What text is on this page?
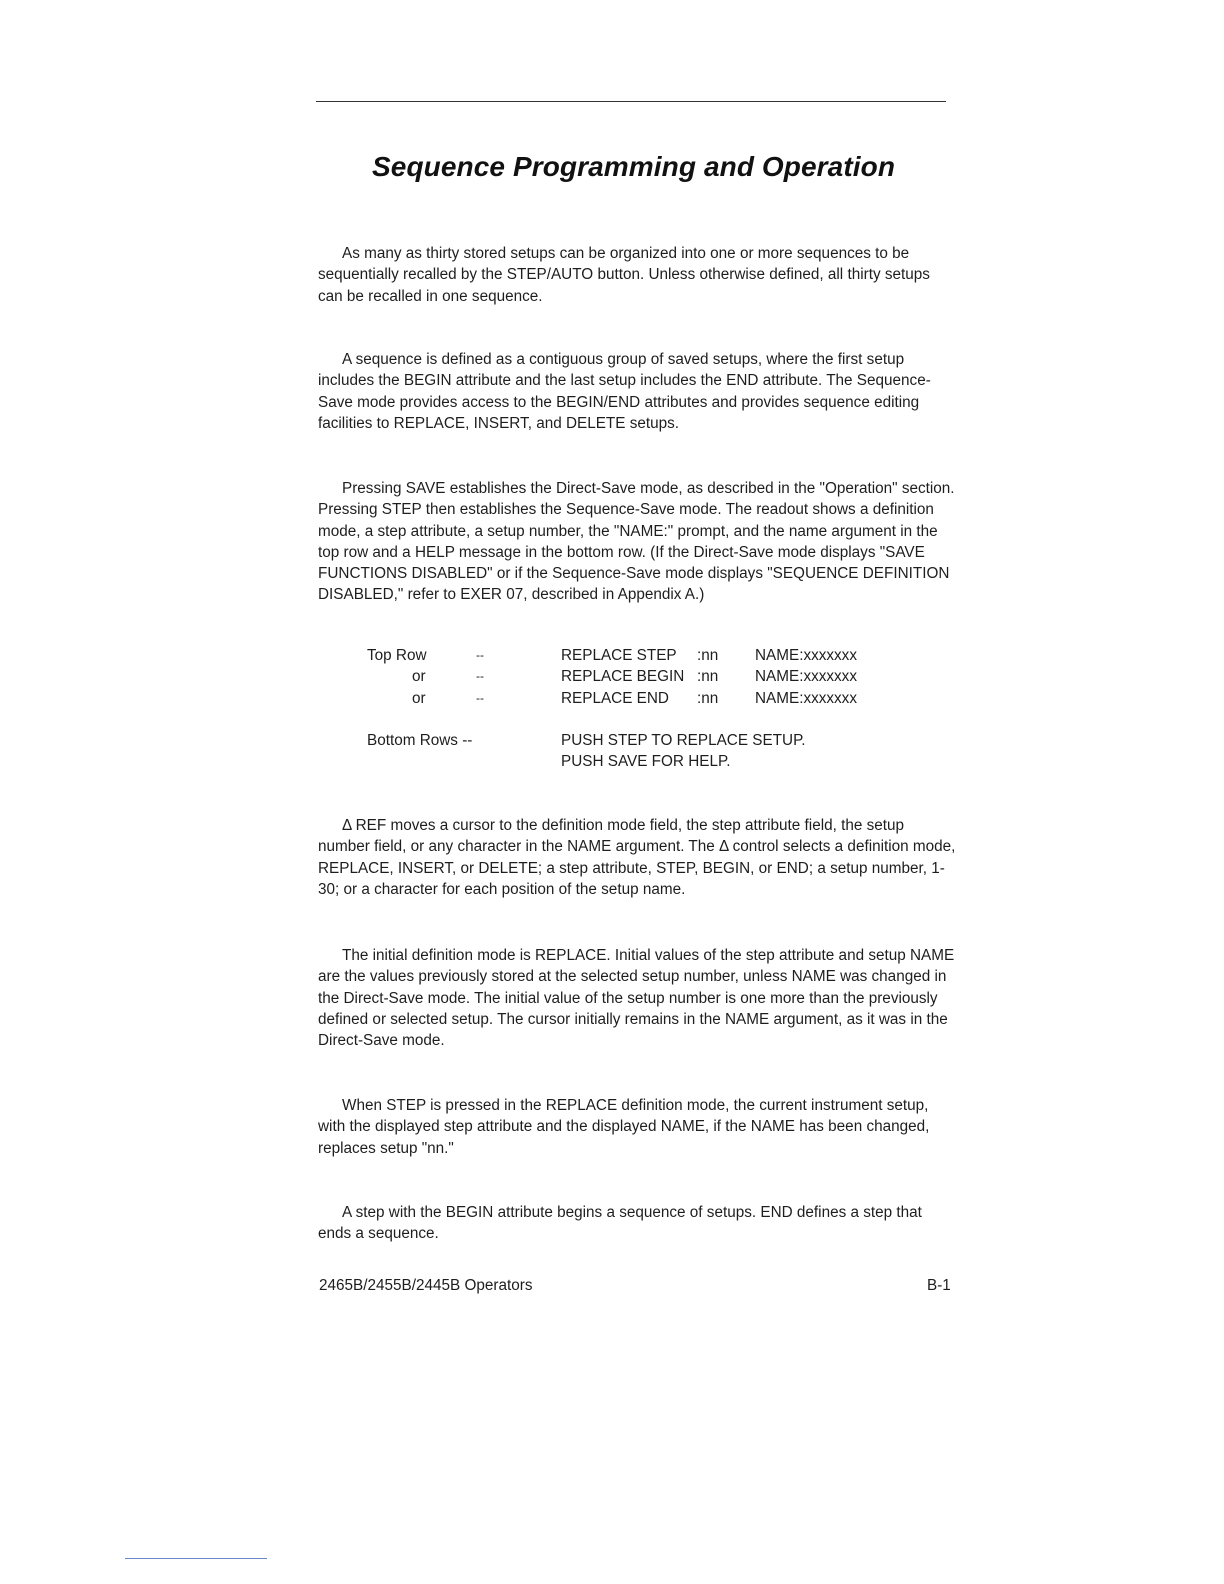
Sequence Programming and Operation

As many as thirty stored setups can be organized into one or more sequences to be sequentially recalled by the STEP/AUTO button. Unless otherwise defined, all thirty setups can be recalled in one sequence.

A sequence is defined as a contiguous group of saved setups, where the first setup includes the BEGIN attribute and the last setup includes the END attribute. The Sequence-Save mode provides access to the BEGIN/END attributes and provides sequence editing facilities to REPLACE, INSERT, and DELETE setups.

Pressing SAVE establishes the Direct-Save mode, as described in the "Operation" section. Pressing STEP then establishes the Sequence-Save mode. The readout shows a definition mode, a step attribute, a setup number, the "NAME:" prompt, and the name argument in the top row and a HELP message in the bottom row. (If the Direct-Save mode displays "SAVE FUNCTIONS DISABLED" or if the Sequence-Save mode displays "SEQUENCE DEFINITION DISABLED," refer to EXER 07, described in Appendix A.)

Top Row	--	REPLACE STEP :nn NAME:xxxxxxx
or	--	REPLACE BEGIN :nn NAME:xxxxxxx
or	--	REPLACE END :nn NAME:xxxxxxx
Bottom Rows --	PUSH STEP TO REPLACE SETUP.
PUSH SAVE FOR HELP.

Δ REF moves a cursor to the definition mode field, the step attribute field, the setup number field, or any character in the NAME argument. The Δ control selects a definition mode, REPLACE, INSERT, or DELETE; a step attribute, STEP, BEGIN, or END; a setup number, 1-30; or a character for each position of the setup name.

The initial definition mode is REPLACE. Initial values of the step attribute and setup NAME are the values previously stored at the selected setup number, unless NAME was changed in the Direct-Save mode. The initial value of the setup number is one more than the previously defined or selected setup. The cursor initially remains in the NAME argument, as it was in the Direct-Save mode.

When STEP is pressed in the REPLACE definition mode, the current instrument setup, with the displayed step attribute and the displayed NAME, if the NAME has been changed, replaces setup "nn."

A step with the BEGIN attribute begins a sequence of setups. END defines a step that ends a sequence.

2465B/2455B/2445B Operators	B-1
